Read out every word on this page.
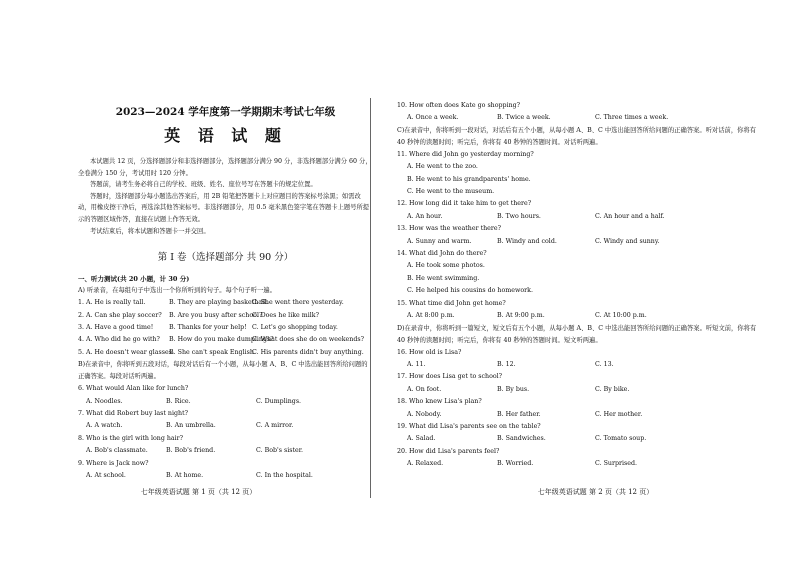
2023—2024 学年度第一学期期末考试七年级
英 语 试 题

本试题共 12 页，分选择题部分和非选择题部分，选择题部分满分 90 分，非选择题部分满分 60 分，全卷满分 150 分，考试用时 120 分钟。

答题前，请考生务必将自己的学校、班级、姓名、座位号写在答题卡的规定位置。

答题时，选择题部分每小题选出答案后，用 2B 铅笔把答题卡上对应题目的答案标号涂黑；如需改动，用橡皮擦干净后，再选涂其他答案标号。非选择题部分，用 0.5 毫米黑色签字笔在答题卡上题号所提示的答题区域作答，直接在试题上作答无效。

考试结束后，将本试题和答题卡一并交回。

第 I 卷（选择题部分 共 90 分）

一、听力测试(共 20 小题，计 30 分)

A) 听录音，在每组句子中选出一个你所听到的句子。每个句子听一遍。

1. A. He is really tall.	B. They are playing basketball.
C. She went there yesterday.
2. A. Can she play soccer?	B. Are you busy after school?
C. Does he like milk?
3. A. Have a good time!	B. Thanks for your help! C. Let's go shopping today.
4. A. Who did he go with?	B. How do you make dumplings?
C. What does she do on weekends?
5. A. He doesn't wear glasses.
B. She can't speak English.
C. His parents didn't buy anything.

B)在录音中，你将听到五段对话，每段对话后有一个小题，从每小题 A、B、C 中选出能回答所给问题的正确答案。每段对话听两遍。

6. What would Alan like for lunch?

A. Noodles.	B. Rice.	C. Dumplings.

7. What did Robert buy last night?

A. A watch.	B. An umbrella.	C. A mirror.

8. Who is the girl with long hair?

A. Bob's classmate.	B. Bob's friend.	C. Bob's sister.

9. Where is Jack now?

A. At school.	B. At home.	C. In the hospital.

10. How often does Kate go shopping?

A. Once a week.	B. Twice a week.	C. Three times a week.

C)在录音中，你将听到一段对话，对话后有五个小题，从每小题 A、B、C 中选出能回答所给问题的正确答案。听对话前，你将有 40 秒钟的读题时间；听完后，你将有 40 秒钟的答题时间。对话听两遍。

11. Where did John go yesterday morning?

A. He went to the zoo.

B. He went to his grandparents' home.

C. He went to the museum.

12. How long did it take him to get there?

A. An hour.	B. Two hours.	C. An hour and a half.

13. How was the weather there?

A. Sunny and warm.	B. Windy and cold.	C. Windy and sunny.

14. What did John do there?

A. He took some photos.

B. He went swimming.

C. He helped his cousins do homework.

15. What time did John get home?

A. At 8:00 p.m.	B. At 9:00 p.m.	C. At 10:00 p.m.

D)在录音中，你将听到一篇短文，短文后有五个小题，从每小题 A、B、C 中选出能回答所给问题的正确答案。听短文前，你将有 40 秒钟的读题时间；听完后，你将有 40 秒钟的答题时间。短文听两遍。

16. How old is Lisa?

A. 11.	B. 12.	C. 13.

17. How does Lisa get to school?

A. On foot.	B. By bus.	C. By bike.

18. Who knew Lisa's plan?

A. Nobody.	B. Her father.	C. Her mother.

19. What did Lisa's parents see on the table?

A. Salad.	B. Sandwiches.	C. Tomato soup.

20. How did Lisa's parents feel?

A. Relaxed.	B. Worried.	C. Surprised.
七年级英语试题 第 1 页（共 12 页）	七年级英语试题 第 2 页（共 12 页）
